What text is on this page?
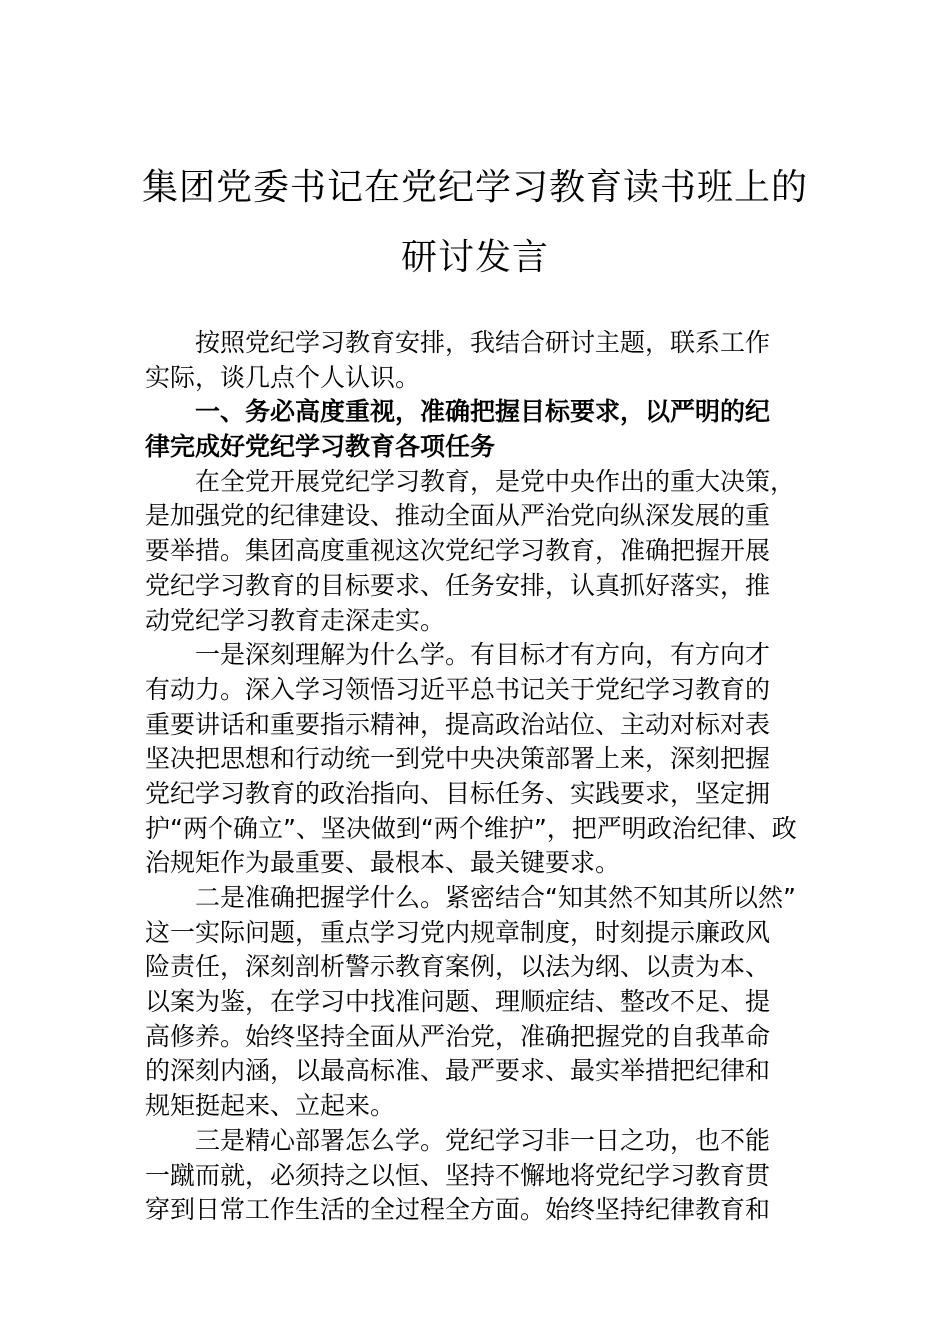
集团党委书记在党纪学习教育读书班上的
研讨发言
按照党纪学习教育安排，我结合研讨主题，联系工作
实际，谈几点个人认识。
一、务必高度重视，准确把握目标要求，以严明的纪
律完成好党纪学习教育各项任务
在全党开展党纪学习教育，是党中央作出的重大决策，
是加强党的纪律建设、推动全面从严治党向纵深发展的重
要举措。集团高度重视这次党纪学习教育，准确把握开展
党纪学习教育的目标要求、任务安排，认真抓好落实，推
动党纪学习教育走深走实。
一是深刻理解为什么学。有目标才有方向，有方向才
有动力。深入学习领悟习近平总书记关于党纪学习教育的
重要讲话和重要指示精神，提高政治站位、主动对标对表
坚决把思想和行动统一到党中央决策部署上来，深刻把握
党纪学习教育的政治指向、目标任务、实践要求，坚定拥
护“两个确立”、坚决做到“两个维护”，把严明政治纪律、政
治规矩作为最重要、最根本、最关键要求。
二是准确把握学什么。紧密结合“知其然不知其所以然”
这一实际问题，重点学习党内规章制度，时刻提示廉政风
险责任，深刻剖析警示教育案例，以法为纲、以责为本、
以案为鉴，在学习中找准问题、理顺症结、整改不足、提
高修养。始终坚持全面从严治党，准确把握党的自我革命
的深刻内涵，以最高标准、最严要求、最实举措把纪律和
规矩挺起来、立起来。
三是精心部署怎么学。党纪学习非一日之功，也不能
一蹴而就，必须持之以恒、坚持不懈地将党纪学习教育贯
穿到日常工作生活的全过程全方面。始终坚持纪律教育和
